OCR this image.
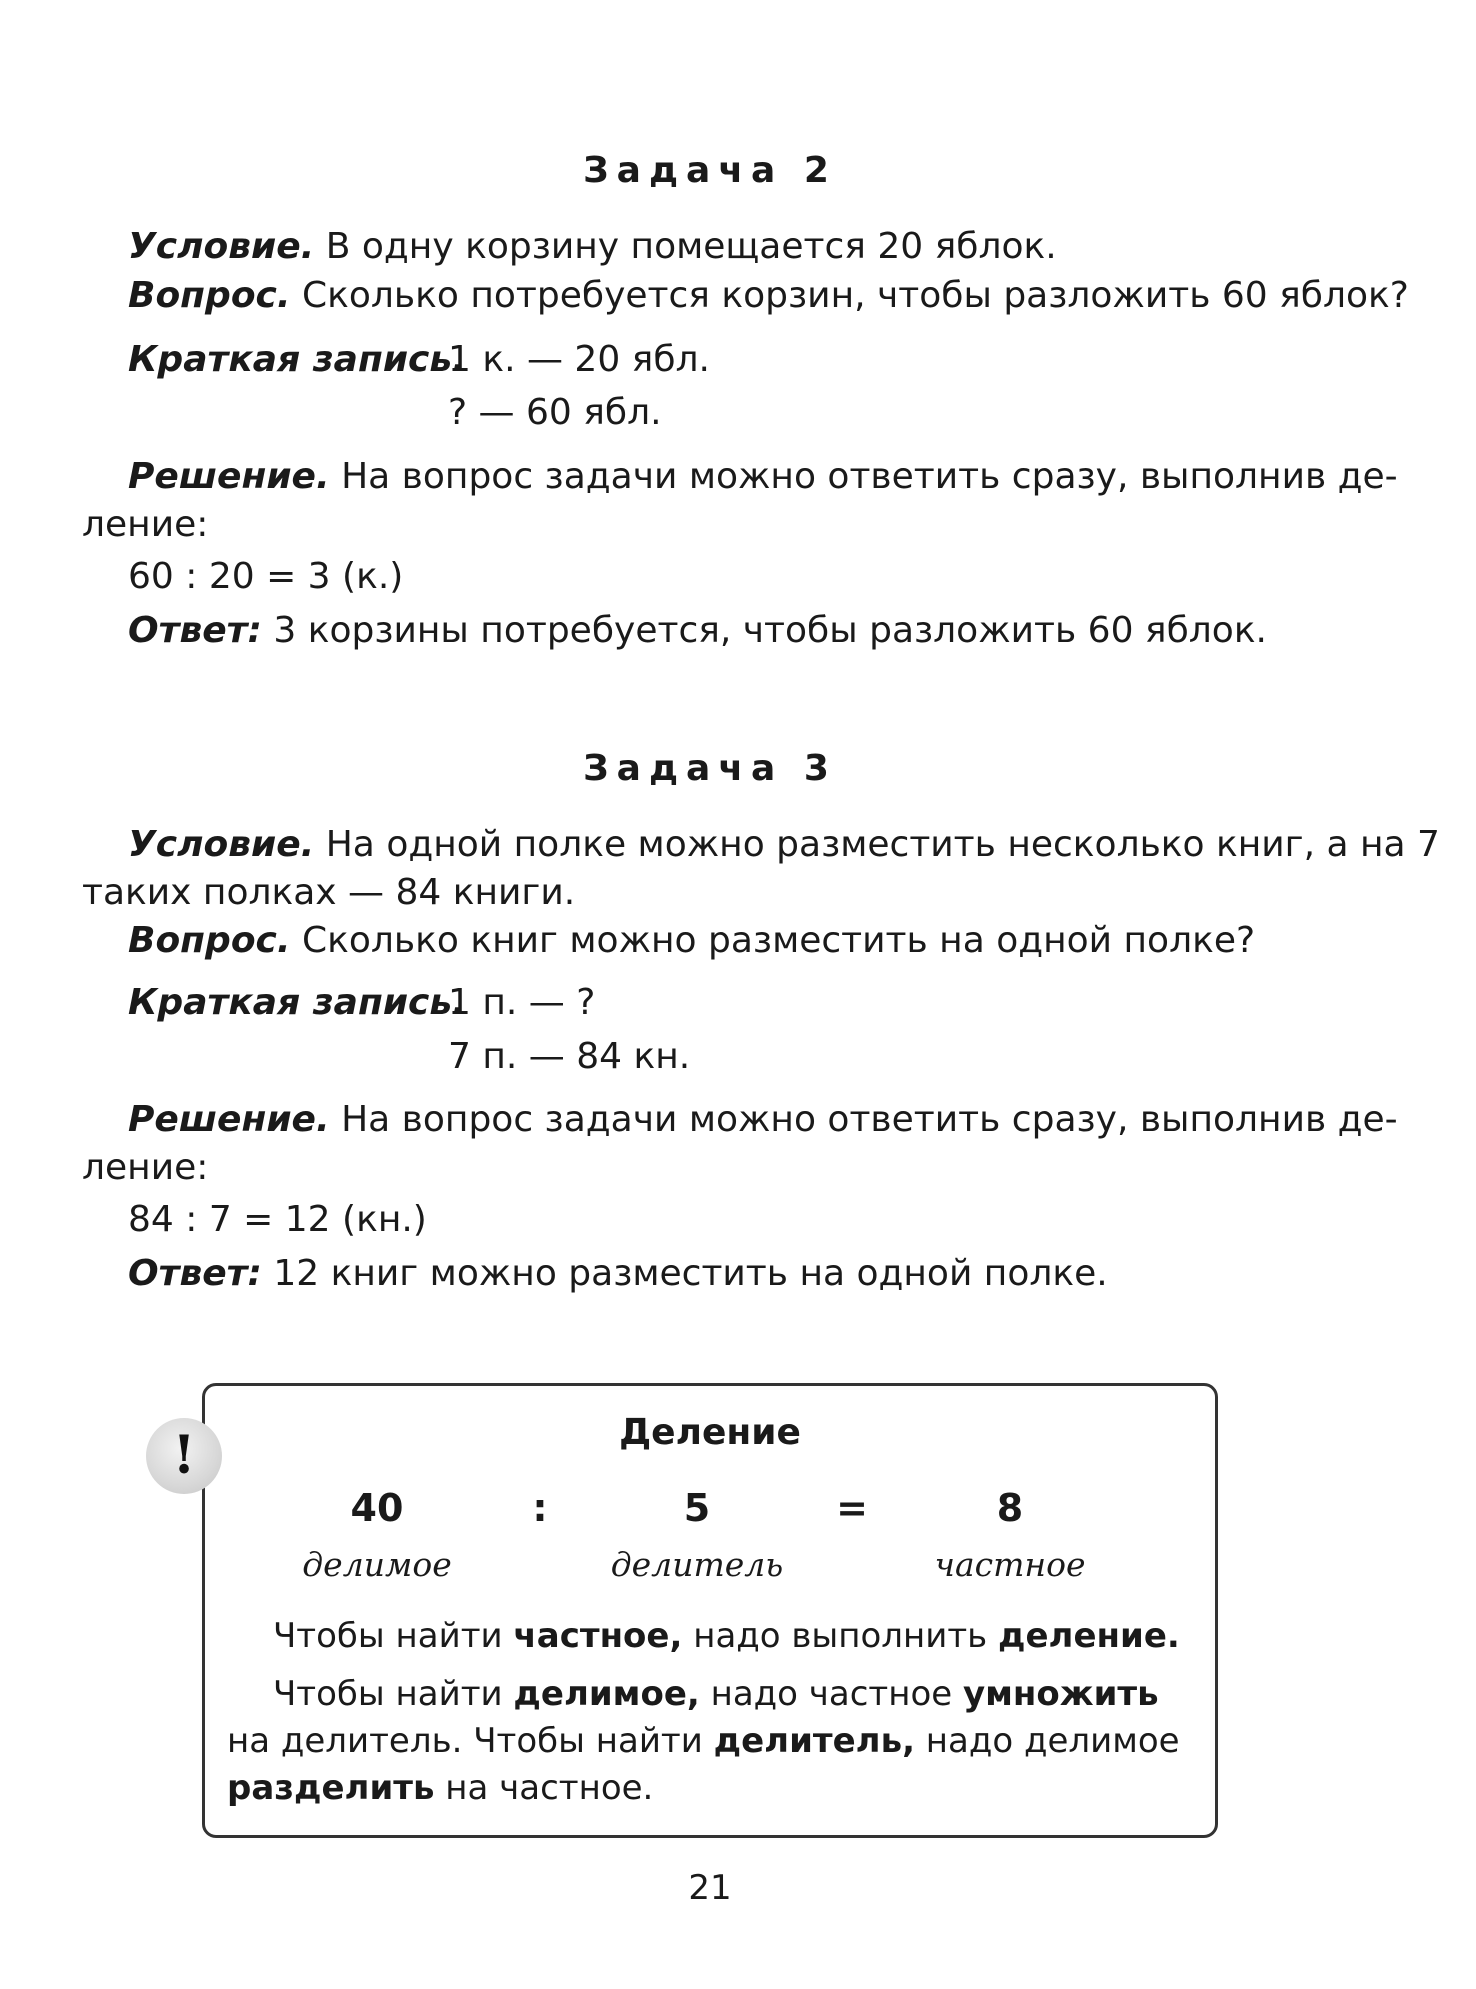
Задача 2
Условие. В одну корзину помещается 20 яблок.
Вопрос. Сколько потребуется корзин, чтобы разложить 60 яблок?
Краткая запись.
1 к. — 20 ябл.
? — 60 ябл.
Решение. На вопрос задачи можно ответить сразу, выполнив де-
ление:
60 : 20 = 3 (к.)
Ответ: 3 корзины потребуется, чтобы разложить 60 яблок.
Задача 3
Условие. На одной полке можно разместить несколько книг, а на 7
таких полках — 84 книги.
Вопрос. Сколько книг можно разместить на одной полке?
Краткая запись.
1 п. — ?
7 п. — 84 кн.
Решение. На вопрос задачи можно ответить сразу, выполнив де-
ление:
84 : 7 = 12 (кн.)
Ответ: 12 книг можно разместить на одной полке.
!	Деление
40	:	5	=	8
делимое	делитель	частное
Чтобы найти частное, надо выполнить деление.
Чтобы найти делимое, надо частное умножить
на делитель. Чтобы найти делитель, надо делимое
разделить на частное.
21
